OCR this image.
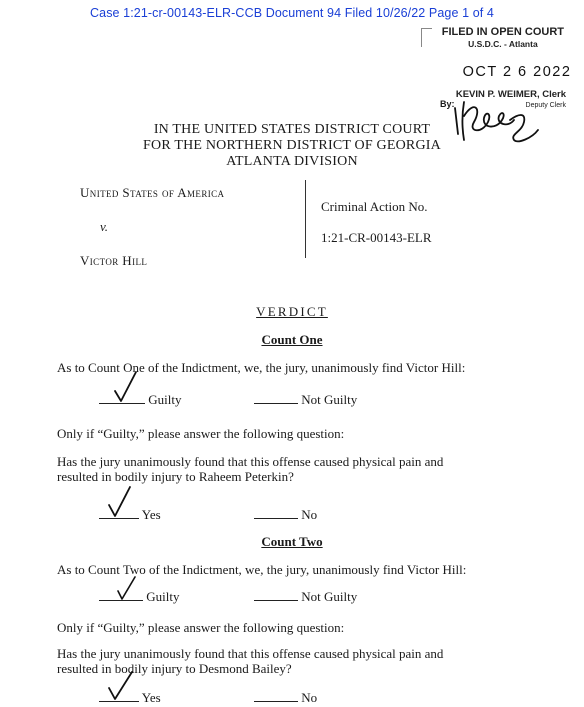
Case 1:21-cr-00143-ELR-CCB Document 94 Filed 10/26/22 Page 1 of 4
FILED IN OPEN COURT
U.S.D.C. - Atlanta
OCT 2 6 2022
KEVIN P. WEIMER, Clerk
Deputy Clerk
By:
IN THE UNITED STATES DISTRICT COURT
FOR THE NORTHERN DISTRICT OF GEORGIA
ATLANTA DIVISION
United States of America
v.
Victor Hill
Criminal Action No.
1:21-CR-00143-ELR
VERDICT
Count One
As to Count One of the Indictment, we, the jury, unanimously find Victor Hill:
Guilty	Not Guilty
Only if “Guilty,” please answer the following question:
Has the jury unanimously found that this offense caused physical pain and
resulted in bodily injury to Raheem Peterkin?
Yes	No
Count Two
As to Count Two of the Indictment, we, the jury, unanimously find Victor Hill:
Guilty	Not Guilty
Only if “Guilty,” please answer the following question:
Has the jury unanimously found that this offense caused physical pain and
resulted in bodily injury to Desmond Bailey?
Yes	No
